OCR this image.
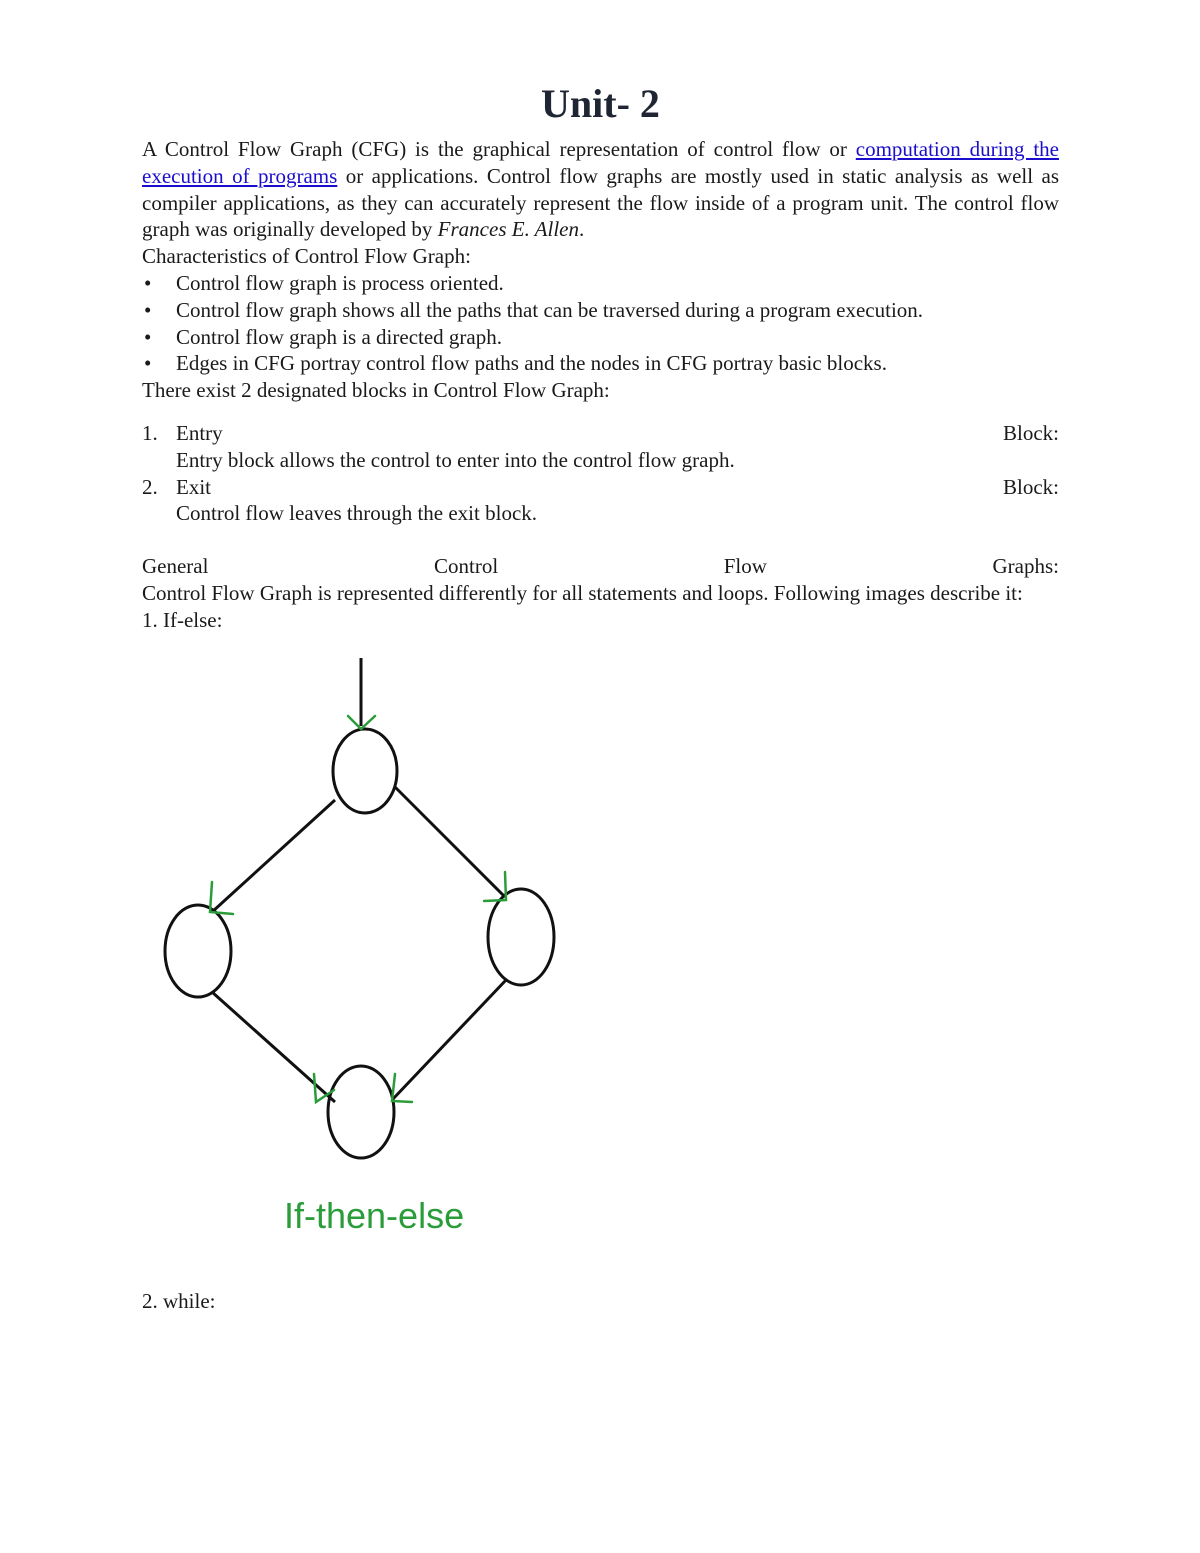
Unit- 2

A Control Flow Graph (CFG) is the graphical representation of control flow or computation during the execution of programs or applications. Control flow graphs are mostly used in static analysis as well as compiler applications, as they can accurately represent the flow inside of a program unit. The control flow graph was originally developed by Frances E. Allen.

Characteristics of Control Flow Graph:

• Control flow graph is process oriented.
• Control flow graph shows all the paths that can be traversed during a program execution.
• Control flow graph is a directed graph.
• Edges in CFG portray control flow paths and the nodes in CFG portray basic blocks.

There exist 2 designated blocks in Control Flow Graph:

1. Entry	Block:
Entry block allows the control to enter into the control flow graph.
2. Exit	Block:
Control flow leaves through the exit block.
General	Control	Flow	Graphs:

Control Flow Graph is represented differently for all statements and loops. Following images describe it:

1. If-else:

If-then-else

2. while:
